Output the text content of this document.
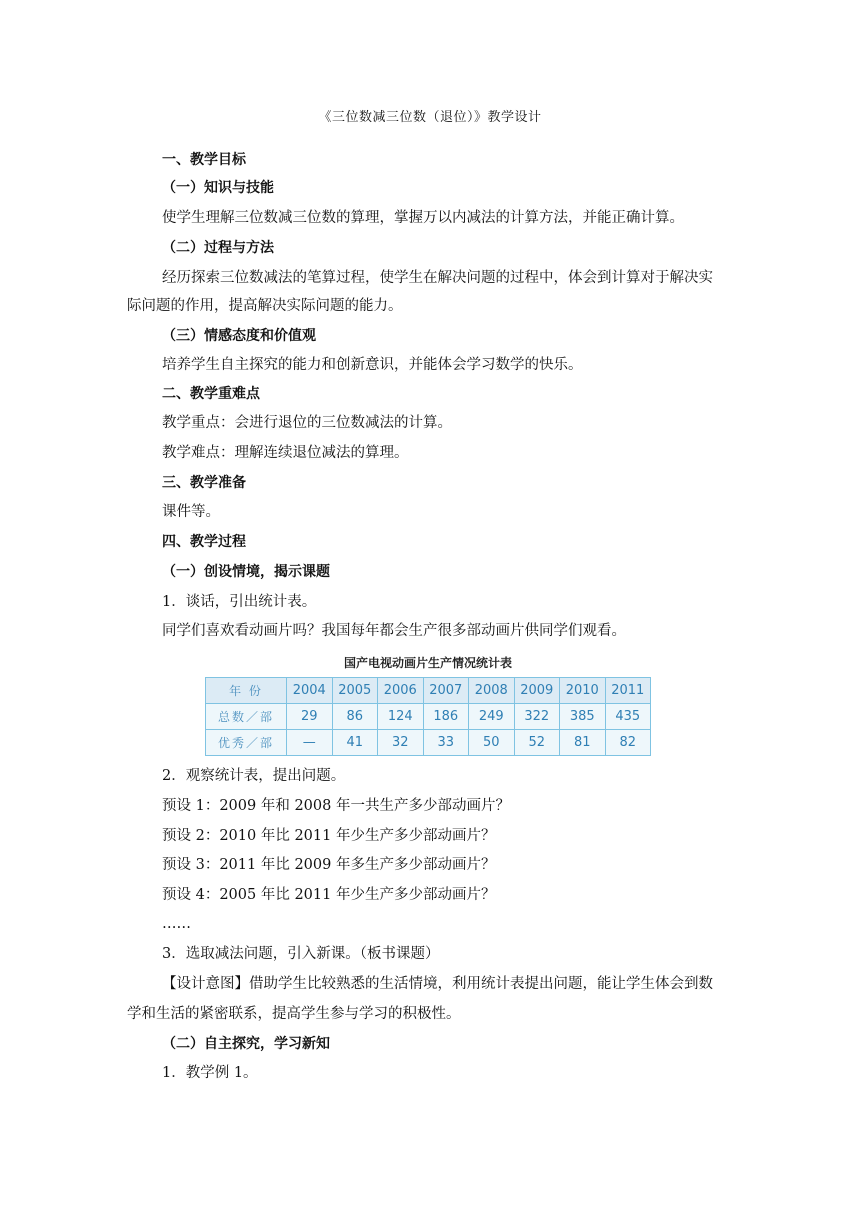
《三位数减三位数（退位）》教学设计
一、教学目标
（一）知识与技能
使学生理解三位数减三位数的算理，掌握万以内减法的计算方法，并能正确计算。
（二）过程与方法
经历探索三位数减法的笔算过程，使学生在解决问题的过程中，体会到计算对于解决实
际问题的作用，提高解决实际问题的能力。
（三）情感态度和价值观
培养学生自主探究的能力和创新意识，并能体会学习数学的快乐。
二、教学重难点
教学重点：会进行退位的三位数减法的计算。
教学难点：理解连续退位减法的算理。
三、教学准备
课件等。
四、教学过程
（一）创设情境，揭示课题
1．谈话，引出统计表。
同学们喜欢看动画片吗？我国每年都会生产很多部动画片供同学们观看。
国产电视动画片生产情况统计表
年 份	2004	2005	2006	2007	2008	2009	2010	2011
总数／部	29	86	124	186	249	322	385	435
优秀／部	—	41	32	33	50	52	81	82
2．观察统计表，提出问题。
预设 1：2009 年和 2008 年一共生产多少部动画片？
预设 2：2010 年比 2011 年少生产多少部动画片？
预设 3：2011 年比 2009 年多生产多少部动画片？
预设 4：2005 年比 2011 年少生产多少部动画片？
……
3．选取减法问题，引入新课。（板书课题）
【设计意图】借助学生比较熟悉的生活情境，利用统计表提出问题，能让学生体会到数
学和生活的紧密联系，提高学生参与学习的积极性。
（二）自主探究，学习新知
1．教学例 1。
